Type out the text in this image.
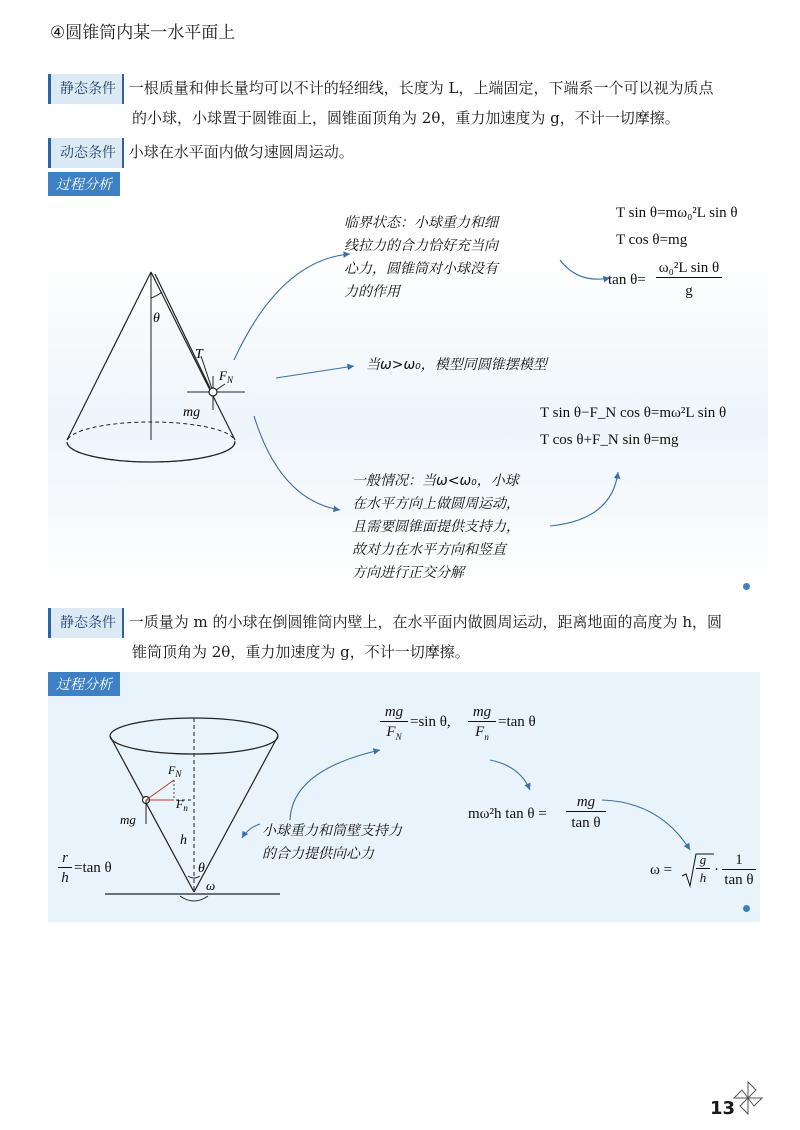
④圆锥筒内某一水平面上
静态条件 一根质量和伸长量均可以不计的轻细线，长度为 L，上端固定，下端系一个可以视为质点
的小球，小球置于圆锥面上，圆锥面顶角为 2θ，重力加速度为 g，不计一切摩擦。
动态条件 小球在水平面内做匀速圆周运动。
过程分析
θ
T
$F_N$
mg
临界状态：小球重力和细
线拉力的合力恰好充当向
心力，圆锥筒对小球没有
力的作用
T sin θ=mω₀²L sin θ
T cos θ=mg
tan θ=
ω₀²L sin θ
g
当ω>ω₀，模型同圆锥摆模型
T sin θ−F_N cos θ=mω²L sin θ
T cos θ+F_N sin θ=mg
一般情况：当ω<ω₀，小球
在水平方向上做圆周运动，
且需要圆锥面提供支持力，
故对力在水平方向和竖直
方向进行正交分解
静态条件 一质量为 m 的小球在倒圆锥筒内壁上，在水平面内做圆周运动，距离地面的高度为 h，圆
锥筒顶角为 2θ，重力加速度为 g，不计一切摩擦。
过程分析
$F_N$
$F_n$
mg
h
θ
ω
r
h
=tan θ
mg
$F_N$
=sin θ,
mg
$F_n$
=tan θ
mω²h tan θ =
mg
tan θ
ω =
g
h ·
1
tan θ
小球重力和筒壁支持力
的合力提供向心力
13
